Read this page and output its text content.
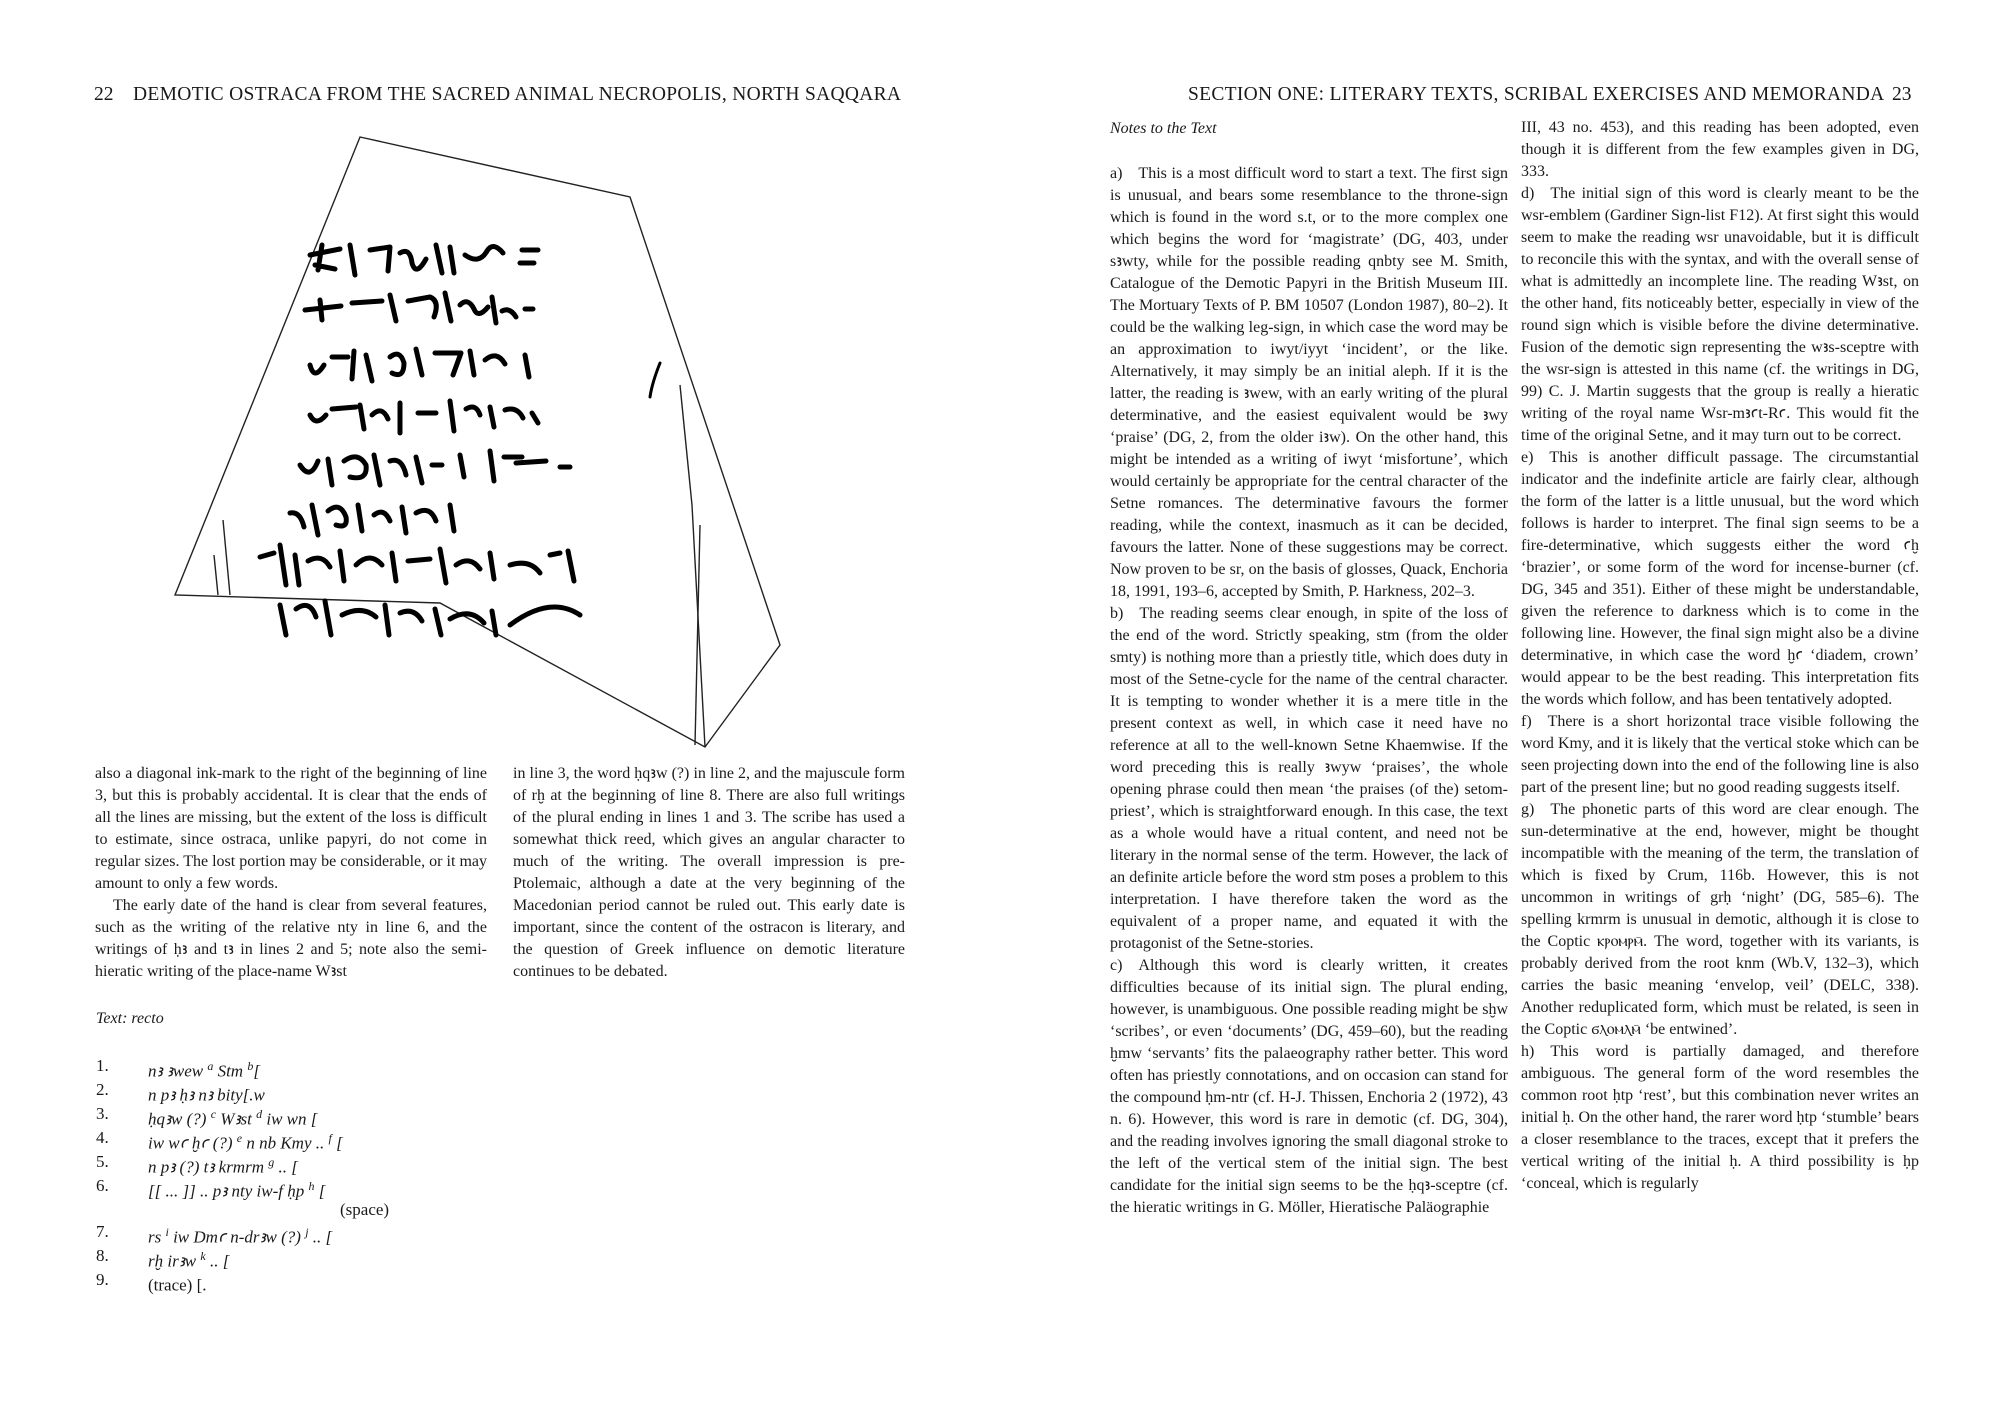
22 DEMOTIC OSTRACA FROM THE SACRED ANIMAL NECROPOLIS, NORTH SAQQARA

also a diagonal ink-mark to the right of the beginning of line 3, but this is probably accidental. It is clear that the ends of all the lines are missing, but the extent of the loss is difficult to estimate, since ostraca, unlike papyri, do not come in regular sizes. The lost portion may be considerable, or it may amount to only a few words.

The early date of the hand is clear from several features, such as the writing of the relative nty in line 6, and the writings of ḥꜣ and tꜣ in lines 2 and 5; note also the semi-hieratic writing of the place-name Wꜣst

in line 3, the word ḥqꜣw (?) in line 2, and the majuscule form of rḫ at the beginning of line 8. There are also full writings of the plural ending in lines 1 and 3. The scribe has used a somewhat thick reed, which gives an angular character to much of the writing. The overall impression is pre-Ptolemaic, although a date at the very beginning of the Macedonian period cannot be ruled out. This early date is important, since the content of the ostracon is literary, and the question of Greek influence on demotic literature continues to be debated.

Text: recto
1.	nꜣ ꜣwew $^a$ Stm $^b$[
2.	n pꜣ ḥꜣ nꜣ bity[.w
3.	ḥqꜣw (?) $^c$ Wꜣst $^d$ iw wn [
4.	iw wꜥ ḫꜥ (?) $^e$ n nb Kmy .. $^f$ [
5.	n pꜣ (?) tꜣ krmrm $^g$ .. [
6.	[[ ... ]] .. pꜣ nty iw-f ḥp $^h$ [
(space)
7.	rs $^i$ iw Dmꜥ n-drꜣw (?) $^j$ .. [
8.	rḫ irꜣw $^k$ .. [
9.	(trace) [.
SECTION ONE: LITERARY TEXTS, SCRIBAL EXERCISES AND MEMORANDA 23
Notes to the Text

a) This is a most difficult word to start a text. The first sign is unusual, and bears some resemblance to the throne-sign which is found in the word s.t, or to the more complex one which begins the word for ‘magistrate’ (DG, 403, under sꜣwty, while for the possible reading qnbty see M. Smith, Catalogue of the Demotic Papyri in the British Museum III. The Mortuary Texts of P. BM 10507 (London 1987), 80–2). It could be the walking leg-sign, in which case the word may be an approximation to iwyt/iyyt ‘incident’, or the like. Alternatively, it may simply be an initial aleph. If it is the latter, the reading is ꜣwew, with an early writing of the plural determinative, and the easiest equivalent would be ꜣwy ‘praise’ (DG, 2, from the older iꜣw). On the other hand, this might be intended as a writing of iwyt ‘misfortune’, which would certainly be appropriate for the central character of the Setne romances. The determinative favours the former reading, while the context, inasmuch as it can be decided, favours the latter. None of these suggestions may be correct. Now proven to be sr, on the basis of glosses, Quack, Enchoria 18, 1991, 193–6, accepted by Smith, P. Harkness, 202–3.

b) The reading seems clear enough, in spite of the loss of the end of the word. Strictly speaking, stm (from the older smty) is nothing more than a priestly title, which does duty in most of the Setne-cycle for the name of the central character. It is tempting to wonder whether it is a mere title in the present context as well, in which case it need have no reference at all to the well-known Setne Khaemwise. If the word preceding this is really ꜣwyw ‘praises’, the whole opening phrase could then mean ‘the praises (of the) setom-priest’, which is straightforward enough. In this case, the text as a whole would have a ritual content, and need not be literary in the normal sense of the term. However, the lack of an definite article before the word stm poses a problem to this interpretation. I have therefore taken the word as the equivalent of a proper name, and equated it with the protagonist of the Setne-stories.

c) Although this word is clearly written, it creates difficulties because of its initial sign. The plural ending, however, is unambiguous. One possible reading might be sḫw ‘scribes’, or even ‘documents’ (DG, 459–60), but the reading ḫmw ‘servants’ fits the palaeography rather better. This word often has priestly connotations, and on occasion can stand for the compound ḥm-ntr (cf. H-J. Thissen, Enchoria 2 (1972), 43 n. 6). However, this word is rare in demotic (cf. DG, 304), and the reading involves ignoring the small diagonal stroke to the left of the vertical stem of the initial sign. The best candidate for the initial sign seems to be the ḥqꜣ-sceptre (cf. the hieratic writings in G. Möller, Hieratische Paläographie

III, 43 no. 453), and this reading has been adopted, even though it is different from the few examples given in DG, 333.

d) The initial sign of this word is clearly meant to be the wsr-emblem (Gardiner Sign-list F12). At first sight this would seem to make the reading wsr unavoidable, but it is difficult to reconcile this with the syntax, and with the overall sense of what is admittedly an incomplete line. The reading Wꜣst, on the other hand, fits noticeably better, especially in view of the round sign which is visible before the divine determinative. Fusion of the demotic sign representing the wꜣs-sceptre with the wsr-sign is attested in this name (cf. the writings in DG, 99) C. J. Martin suggests that the group is really a hieratic writing of the royal name Wsr-mꜣꜥt-Rꜥ. This would fit the time of the original Setne, and it may turn out to be correct.

e) This is another difficult passage. The circumstantial indicator and the indefinite article are fairly clear, although the form of the latter is a little unusual, but the word which follows is harder to interpret. The final sign seems to be a fire-determinative, which suggests either the word ꜥḫ ‘brazier’, or some form of the word for incense-burner (cf. DG, 345 and 351). Either of these might be understandable, given the reference to darkness which is to come in the following line. However, the final sign might also be a divine determinative, in which case the word ḫꜥ ‘diadem, crown’ would appear to be the best reading. This interpretation fits the words which follow, and has been tentatively adopted.

f) There is a short horizontal trace visible following the word Kmy, and it is likely that the vertical stoke which can be seen projecting down into the end of the following line is also part of the present line; but no good reading suggests itself.

g) The phonetic parts of this word are clear enough. The sun-determinative at the end, however, might be thought incompatible with the meaning of the term, the translation of which is fixed by Crum, 116b. However, this is not uncommon in writings of grḥ ‘night’ (DG, 585–6). The spelling krmrm is unusual in demotic, although it is close to the Coptic ⲕⲣⲟⲙⲣⲙ̄. The word, together with its variants, is probably derived from the root knm (Wb.V, 132–3), which carries the basic meaning ‘envelop, veil’ (DELC, 338). Another reduplicated form, which must be related, is seen in the Coptic ϭⲗⲟⲙⲗⲙ̄ ‘be entwined’.

h) This word is partially damaged, and therefore ambiguous. The general form of the word resembles the common root ḥtp ‘rest’, but this combination never writes an initial ḥ. On the other hand, the rarer word ḥtp ‘stumble’ bears a closer resemblance to the traces, except that it prefers the vertical writing of the initial ḥ. A third possibility is ḥp ‘conceal, which is regularly
